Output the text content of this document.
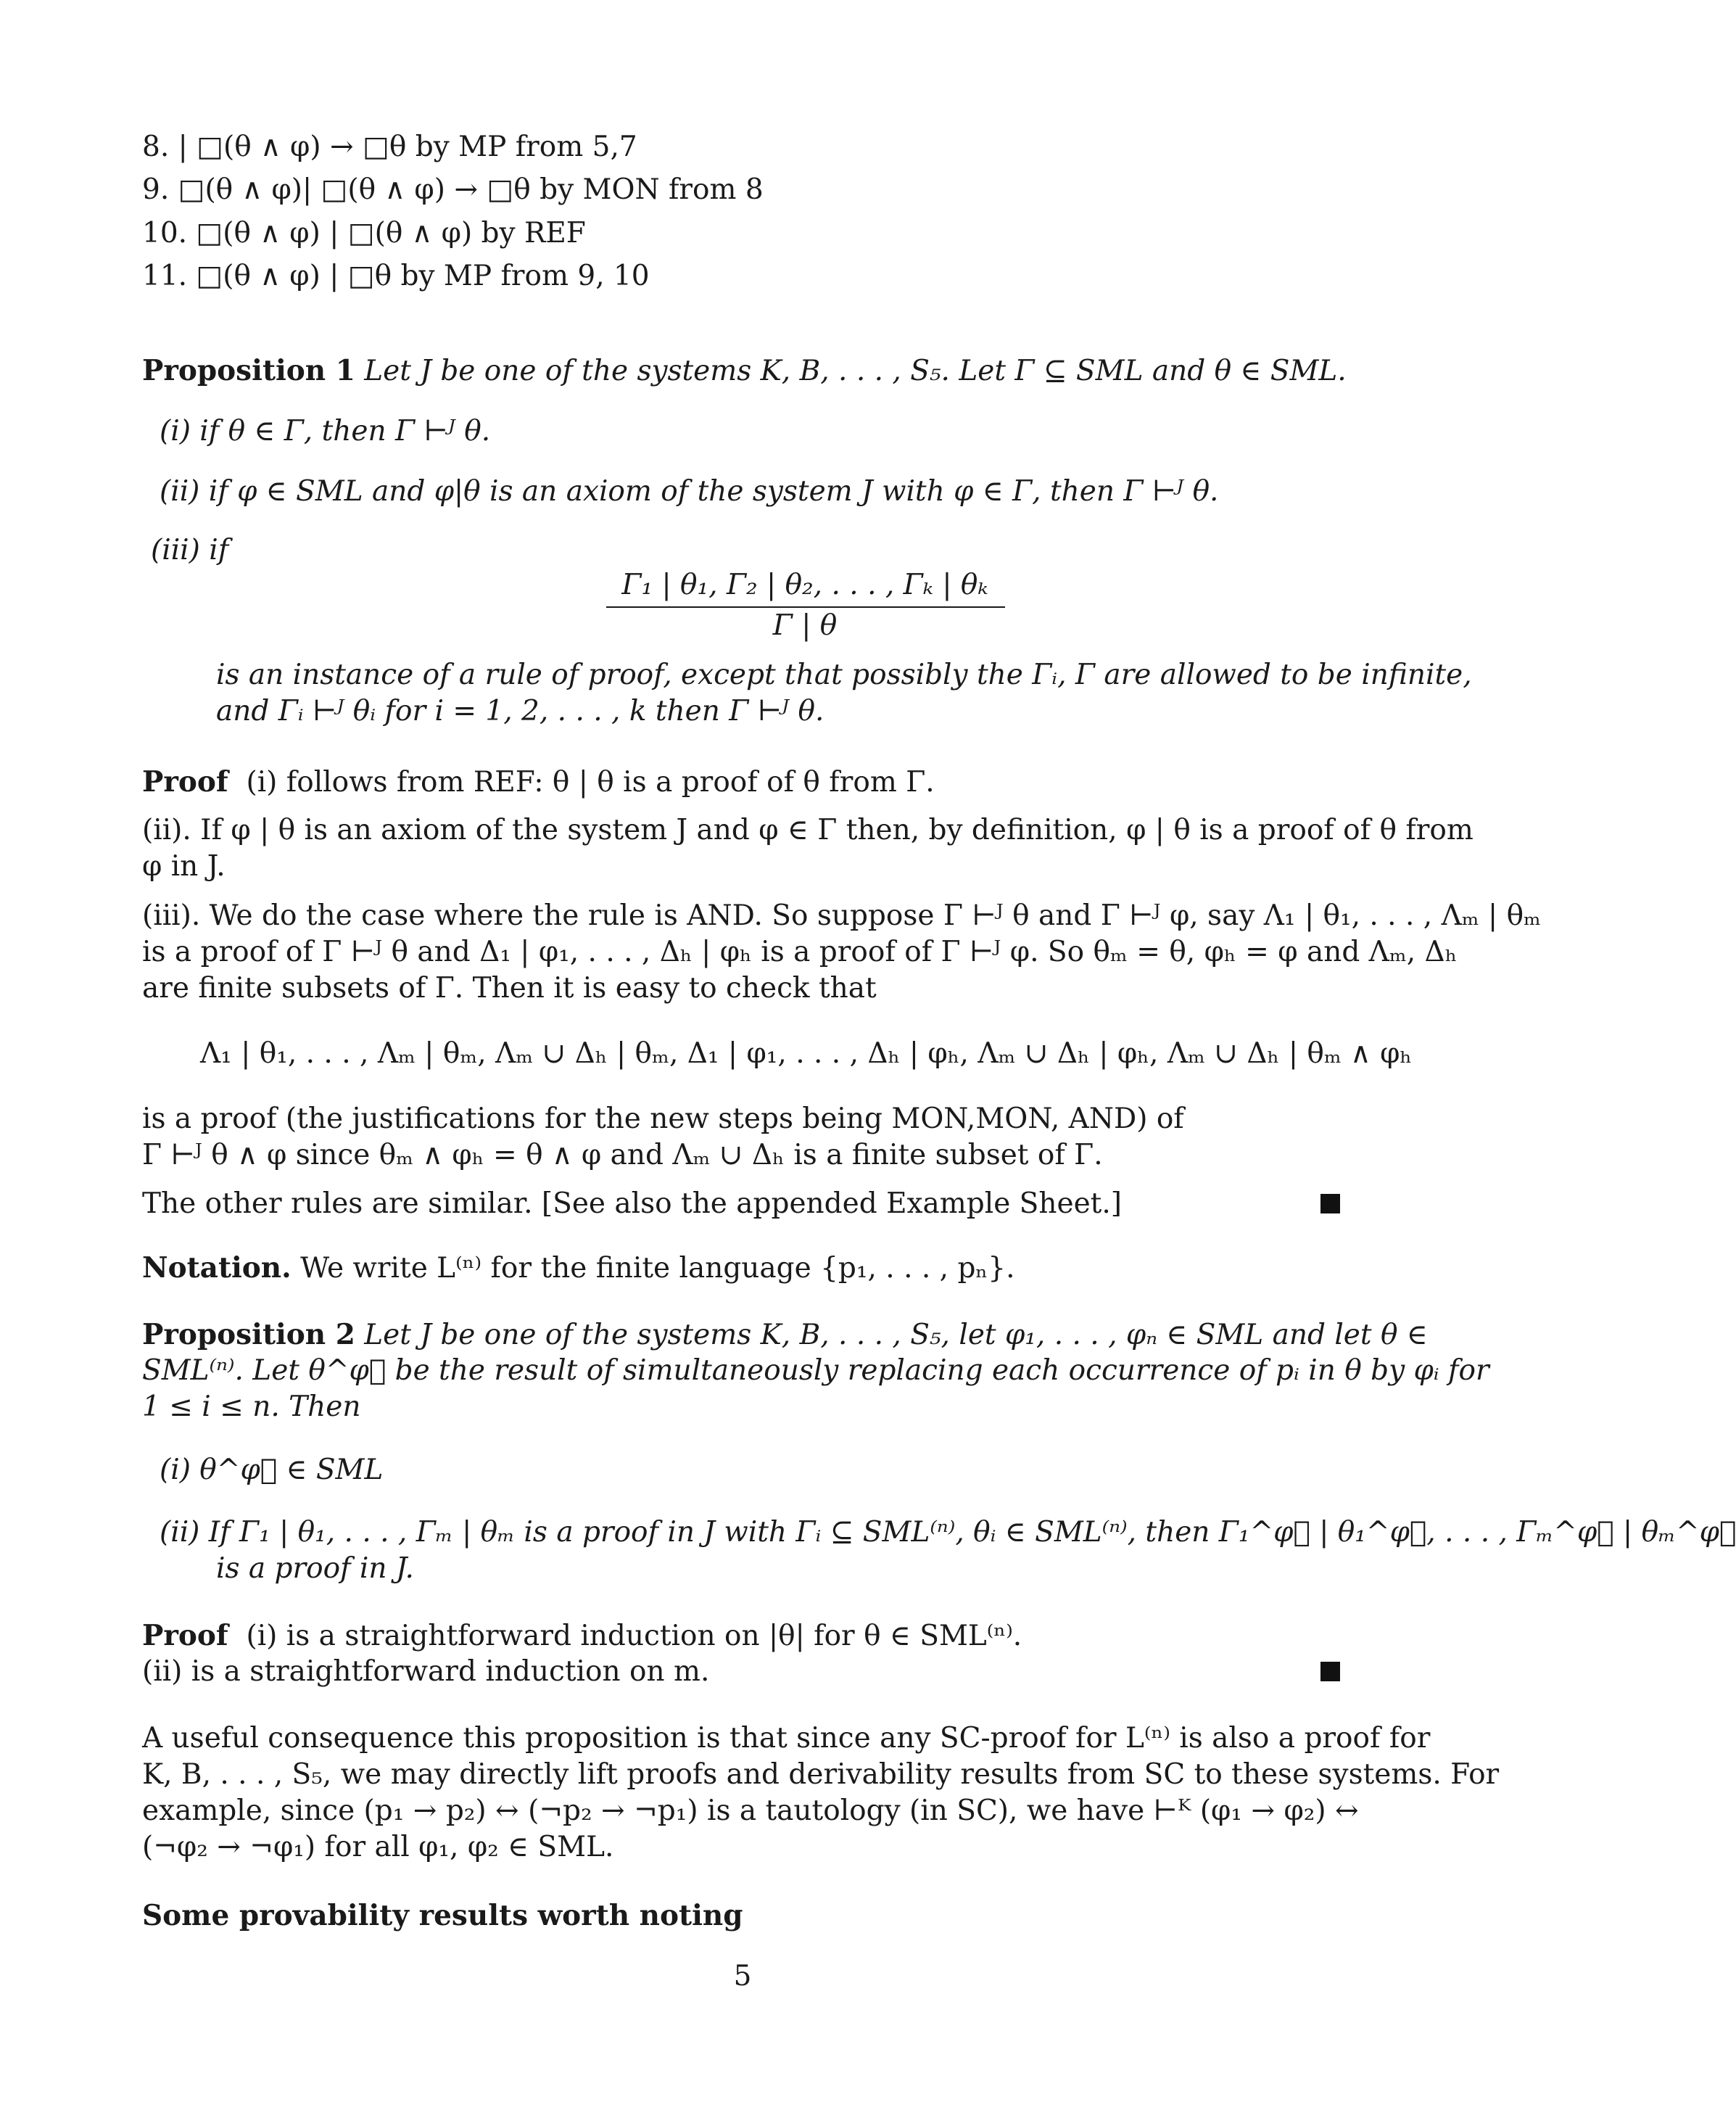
8. | □(θ ∧ φ) → □θ by MP from 5,7
9. □(θ ∧ φ)| □(θ ∧ φ) → □θ by MON from 8
10. □(θ ∧ φ) | □(θ ∧ φ) by REF
11. □(θ ∧ φ) | □θ by MP from 9, 10
Proposition 1 Let J be one of the systems K, B, . . . , S₅. Let Γ ⊆ SML and θ ∈ SML.
(i) if θ ∈ Γ, then Γ ⊢ᴶ θ.
(ii) if φ ∈ SML and φ|θ is an axiom of the system J with φ ∈ Γ, then Γ ⊢ᴶ θ.
(iii) if
Γ₁ | θ₁, Γ₂ | θ₂, . . . , Γₖ | θₖ
Γ | θ
is an instance of a rule of proof, except that possibly the Γᵢ, Γ are allowed to be infinite,
and Γᵢ ⊢ᴶ θᵢ for i = 1, 2, . . . , k then Γ ⊢ᴶ θ.
Proof (i) follows from REF: θ | θ is a proof of θ from Γ.
(ii). If φ | θ is an axiom of the system J and φ ∈ Γ then, by definition, φ | θ is a proof of θ from
φ in J.
(iii). We do the case where the rule is AND. So suppose Γ ⊢ᴶ θ and Γ ⊢ᴶ φ, say Λ₁ | θ₁, . . . , Λₘ | θₘ
is a proof of Γ ⊢ᴶ θ and Δ₁ | φ₁, . . . , Δₕ | φₕ is a proof of Γ ⊢ᴶ φ. So θₘ = θ, φₕ = φ and Λₘ, Δₕ
are finite subsets of Γ. Then it is easy to check that
Λ₁ | θ₁, . . . , Λₘ | θₘ, Λₘ ∪ Δₕ | θₘ, Δ₁ | φ₁, . . . , Δₕ | φₕ, Λₘ ∪ Δₕ | φₕ, Λₘ ∪ Δₕ | θₘ ∧ φₕ
is a proof (the justifications for the new steps being MON,MON, AND) of
Γ ⊢ᴶ θ ∧ φ since θₘ ∧ φₕ = θ ∧ φ and Λₘ ∪ Δₕ is a finite subset of Γ.
The other rules are similar. [See also the appended Example Sheet.]
Notation. We write L⁽ⁿ⁾ for the finite language {p₁, . . . , pₙ}.
Proposition 2 Let J be one of the systems K, B, . . . , S₅, let φ₁, . . . , φₙ ∈ SML and let θ ∈
SML⁽ⁿ⁾. Let θ^φ⃗ be the result of simultaneously replacing each occurrence of pᵢ in θ by φᵢ for
1 ≤ i ≤ n. Then
(i) θ^φ⃗ ∈ SML
(ii) If Γ₁ | θ₁, . . . , Γₘ | θₘ is a proof in J with Γᵢ ⊆ SML⁽ⁿ⁾, θᵢ ∈ SML⁽ⁿ⁾, then Γ₁^φ⃗ | θ₁^φ⃗, . . . , Γₘ^φ⃗ | θₘ^φ⃗
is a proof in J.
Proof (i) is a straightforward induction on |θ| for θ ∈ SML⁽ⁿ⁾.
(ii) is a straightforward induction on m.
A useful consequence this proposition is that since any SC-proof for L⁽ⁿ⁾ is also a proof for
K, B, . . . , S₅, we may directly lift proofs and derivability results from SC to these systems. For
example, since (p₁ → p₂) ↔ (¬p₂ → ¬p₁) is a tautology (in SC), we have ⊢ᴷ (φ₁ → φ₂) ↔
(¬φ₂ → ¬φ₁) for all φ₁, φ₂ ∈ SML.
Some provability results worth noting
5
